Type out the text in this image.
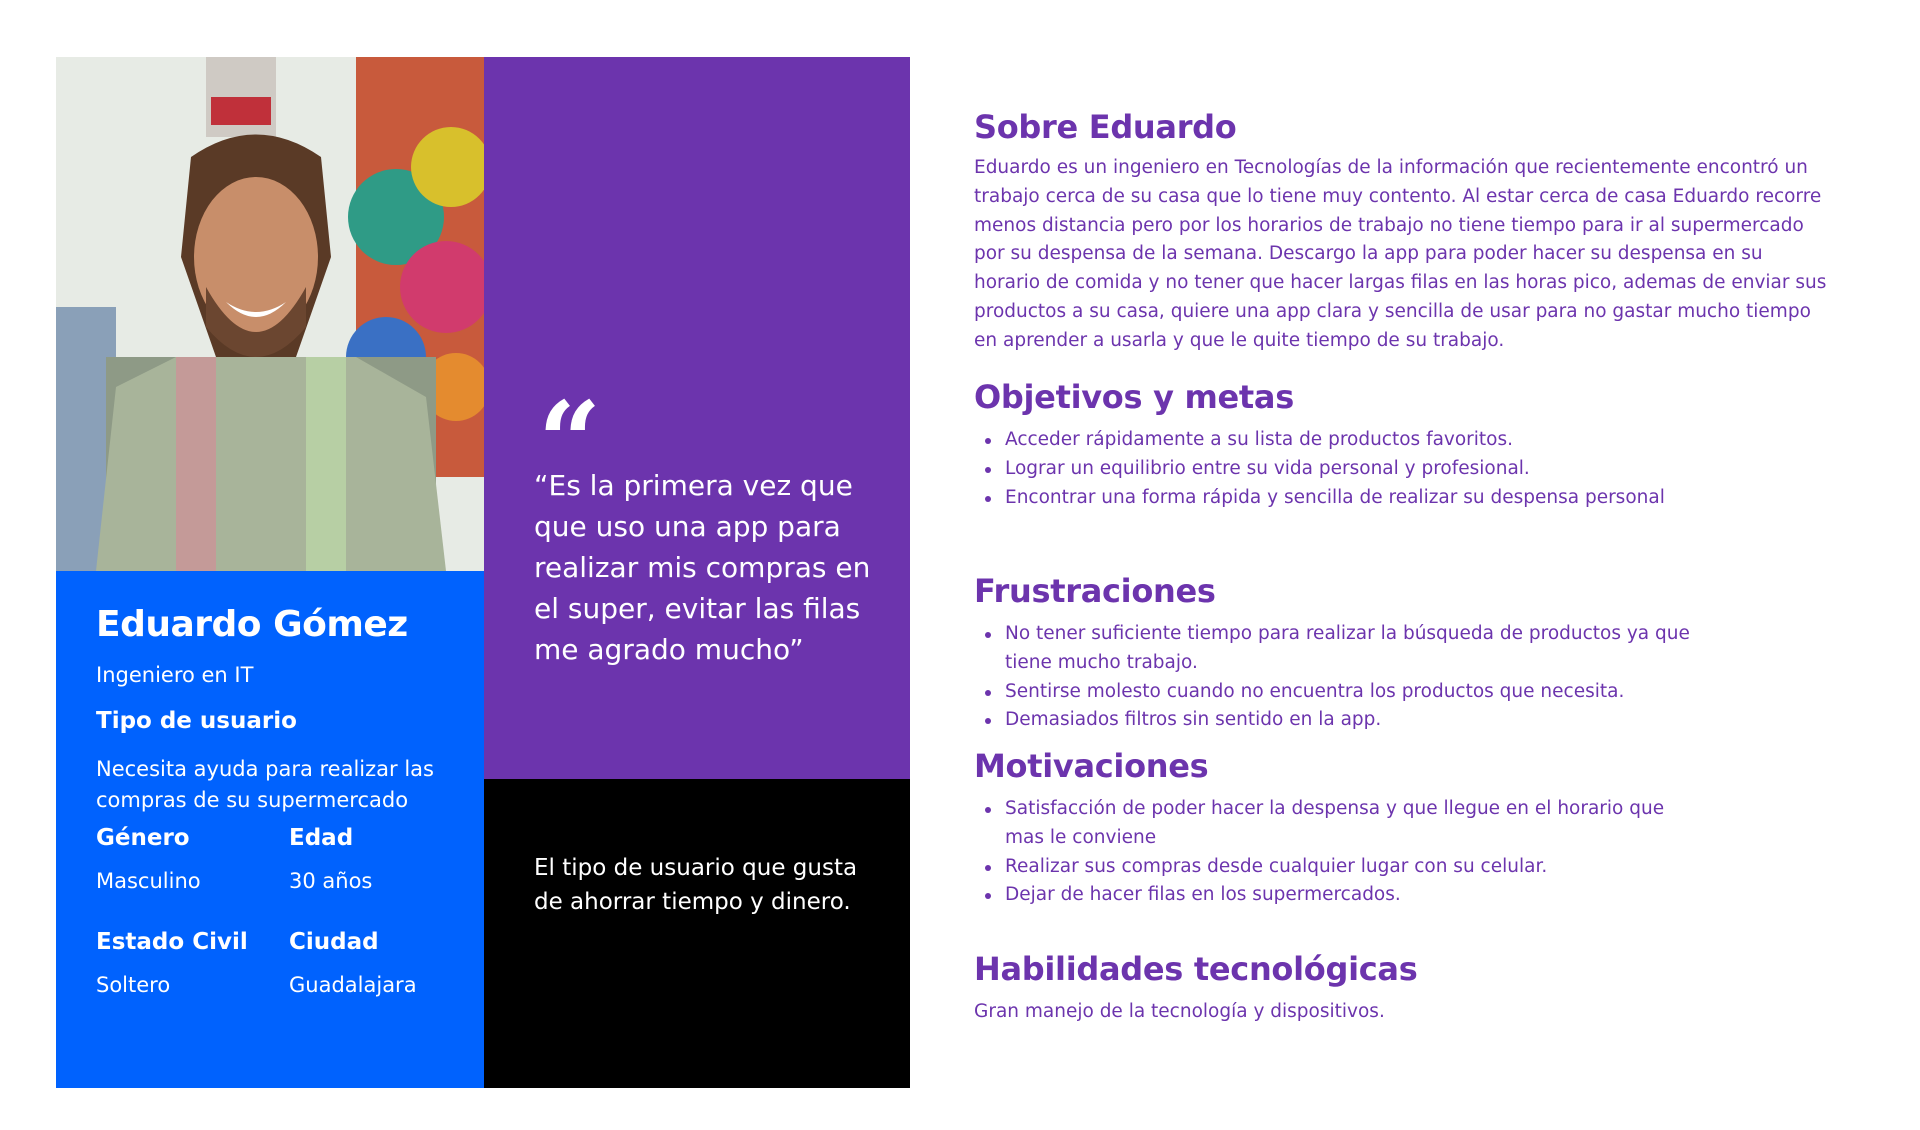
Eduardo Gómez
Ingeniero en IT
Tipo de usuario
Necesita ayuda para realizar las compras de su supermercado
Género
Masculino
Edad
30 años
Estado Civil
Soltero
Ciudad
Guadalajara
“
“Es la primera vez que que uso una app para realizar mis compras en el super, evitar las filas me agrado mucho”
El tipo de usuario que gusta de ahorrar tiempo y dinero.
Sobre Eduardo

Eduardo es un ingeniero en Tecnologías de la información que recientemente encontró un trabajo cerca de su casa que lo tiene muy contento. Al estar cerca de casa Eduardo recorre menos distancia pero por los horarios de trabajo no tiene tiempo para ir al supermercado por su despensa de la semana. Descargo la app para poder hacer su despensa en su horario de comida y no tener que hacer largas filas en las horas pico, ademas de enviar sus productos a su casa, quiere una app clara y sencilla de usar para no gastar mucho tiempo en aprender a usarla y que le quite tiempo de su trabajo.

Objetivos y metas
Acceder rápidamente a su lista de productos favoritos.
Lograr un equilibrio entre su vida personal y profesional.
Encontrar una forma rápida y sencilla de realizar su despensa personal
Frustraciones
No tener suficiente tiempo para realizar la búsqueda de productos ya que tiene mucho trabajo.
Sentirse molesto cuando no encuentra los productos que necesita.
Demasiados filtros sin sentido en la app.
Motivaciones
Satisfacción de poder hacer la despensa y que llegue en el horario que mas le conviene
Realizar sus compras desde cualquier lugar con su celular.
Dejar de hacer filas en los supermercados.
Habilidades tecnológicas

Gran manejo de la tecnología y dispositivos.
